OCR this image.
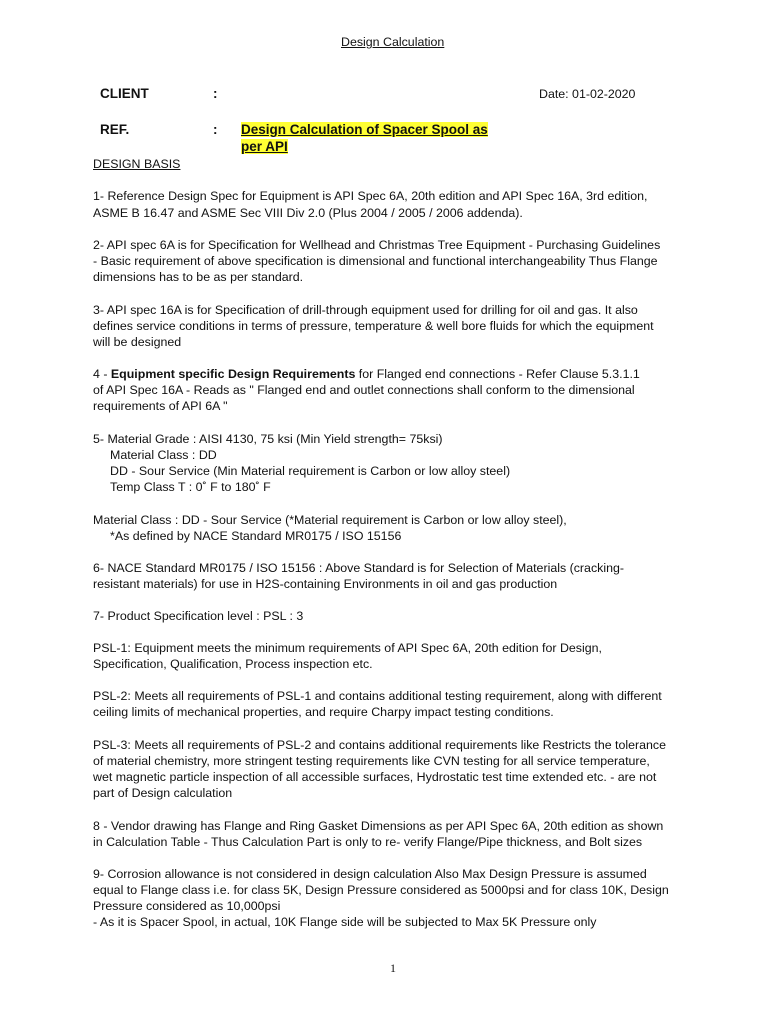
Design Calculation
CLIENT	:	Date: 01-02-2020
REF.	: Design Calculation of Spacer Spool as
per API
DESIGN BASIS
1- Reference Design Spec for Equipment is API Spec 6A, 20th edition and API Spec 16A, 3rd edition,
ASME B 16.47 and ASME Sec VIII Div 2.0 (Plus 2004 / 2005 / 2006 addenda).
2- API spec 6A is for Specification for Wellhead and Christmas Tree Equipment - Purchasing Guidelines
- Basic requirement of above specification is dimensional and functional interchangeability Thus Flange
dimensions has to be as per standard.
3- API spec 16A is for Specification of drill-through equipment used for drilling for oil and gas. It also
defines service conditions in terms of pressure, temperature & well bore fluids for which the equipment
will be designed
4 - Equipment specific Design Requirements for Flanged end connections - Refer Clause 5.3.1.1
of API Spec 16A - Reads as " Flanged end and outlet connections shall conform to the dimensional
requirements of API 6A "
5- Material Grade : AISI 4130, 75 ksi (Min Yield strength= 75ksi)
Material Class : DD
DD - Sour Service (Min Material requirement is Carbon or low alloy steel)
Temp Class T : 0˚ F to 180˚ F
Material Class : DD - Sour Service (*Material requirement is Carbon or low alloy steel),
*As defined by NACE Standard MR0175 / ISO 15156
6- NACE Standard MR0175 / ISO 15156 : Above Standard is for Selection of Materials (cracking-
resistant materials) for use in H2S-containing Environments in oil and gas production
7- Product Specification level : PSL : 3
PSL-1: Equipment meets the minimum requirements of API Spec 6A, 20th edition for Design,
Specification, Qualification, Process inspection etc.
PSL-2: Meets all requirements of PSL-1 and contains additional testing requirement, along with different
ceiling limits of mechanical properties, and require Charpy impact testing conditions.
PSL-3: Meets all requirements of PSL-2 and contains additional requirements like Restricts the tolerance
of material chemistry, more stringent testing requirements like CVN testing for all service temperature,
wet magnetic particle inspection of all accessible surfaces, Hydrostatic test time extended etc. - are not
part of Design calculation
8 - Vendor drawing has Flange and Ring Gasket Dimensions as per API Spec 6A, 20th edition as shown
in Calculation Table - Thus Calculation Part is only to re- verify Flange/Pipe thickness, and Bolt sizes
9- Corrosion allowance is not considered in design calculation Also Max Design Pressure is assumed
equal to Flange class i.e. for class 5K, Design Pressure considered as 5000psi and for class 10K, Design
Pressure considered as 10,000psi
- As it is Spacer Spool, in actual, 10K Flange side will be subjected to Max 5K Pressure only
1
